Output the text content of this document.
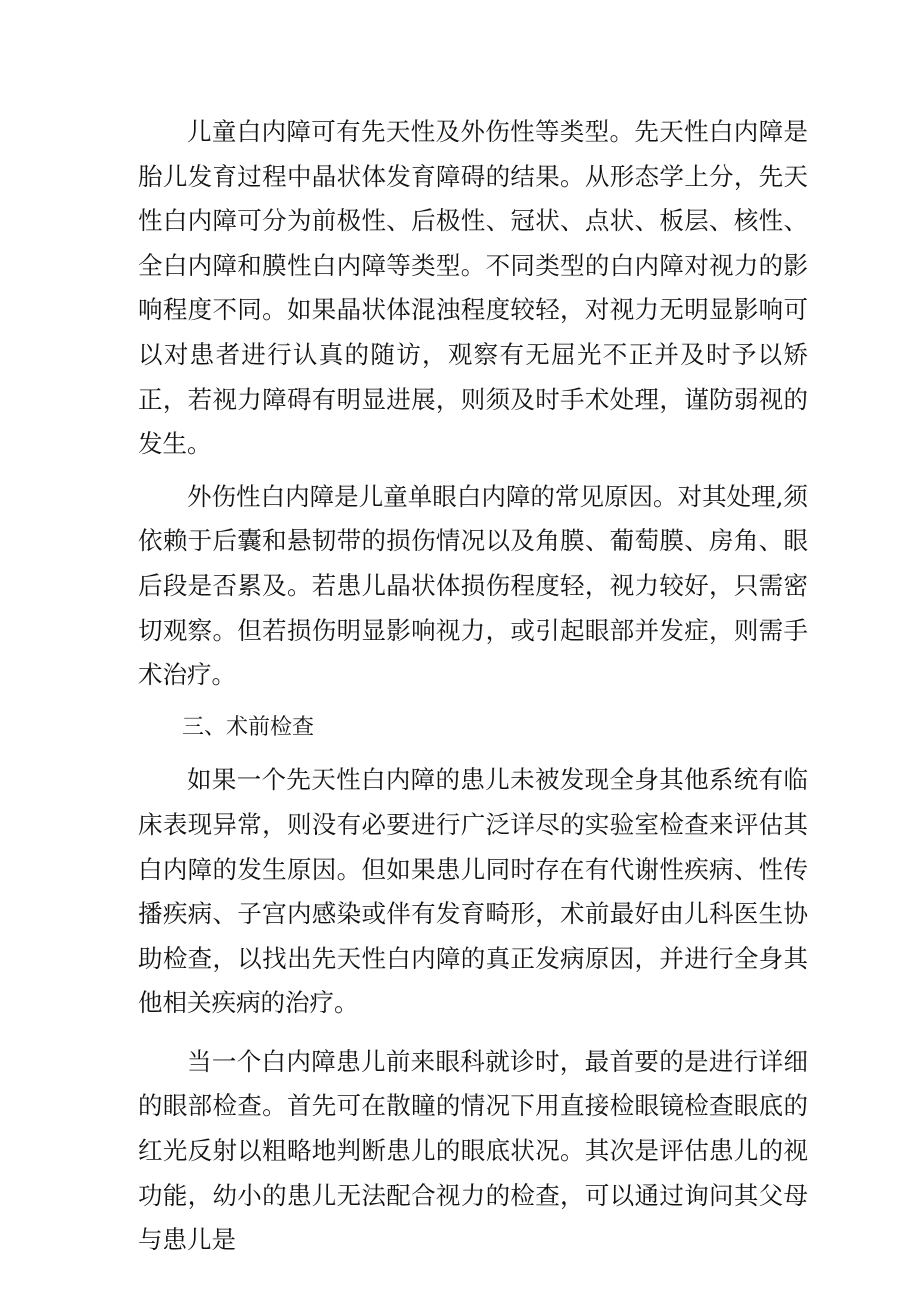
儿童白内障可有先天性及外伤性等类型。先天性白内障是胎儿发育过程中晶状体发育障碍的结果。从形态学上分，先天性白内障可分为前极性、后极性、冠状、点状、板层、核性、全白内障和膜性白内障等类型。不同类型的白内障对视力的影响程度不同。如果晶状体混浊程度较轻，对视力无明显影响可以对患者进行认真的随访，观察有无屈光不正并及时予以矫正，若视力障碍有明显进展，则须及时手术处理，谨防弱视的发生。

外伤性白内障是儿童单眼白内障的常见原因。对其处理,须依赖于后囊和悬韧带的损伤情况以及角膜、葡萄膜、房角、眼后段是否累及。若患儿晶状体损伤程度轻，视力较好，只需密切观察。但若损伤明显影响视力，或引起眼部并发症，则需手术治疗。

三、术前检查

如果一个先天性白内障的患儿未被发现全身其他系统有临床表现异常，则没有必要进行广泛详尽的实验室检查来评估其白内障的发生原因。但如果患儿同时存在有代谢性疾病、性传播疾病、子宫内感染或伴有发育畸形，术前最好由儿科医生协助检查，以找出先天性白内障的真正发病原因，并进行全身其他相关疾病的治疗。

当一个白内障患儿前来眼科就诊时，最首要的是进行详细的眼部检查。首先可在散瞳的情况下用直接检眼镜检查眼底的红光反射以粗略地判断患儿的眼底状况。其次是评估患儿的视功能，幼小的患儿无法配合视力的检查，可以通过询问其父母与患儿是
